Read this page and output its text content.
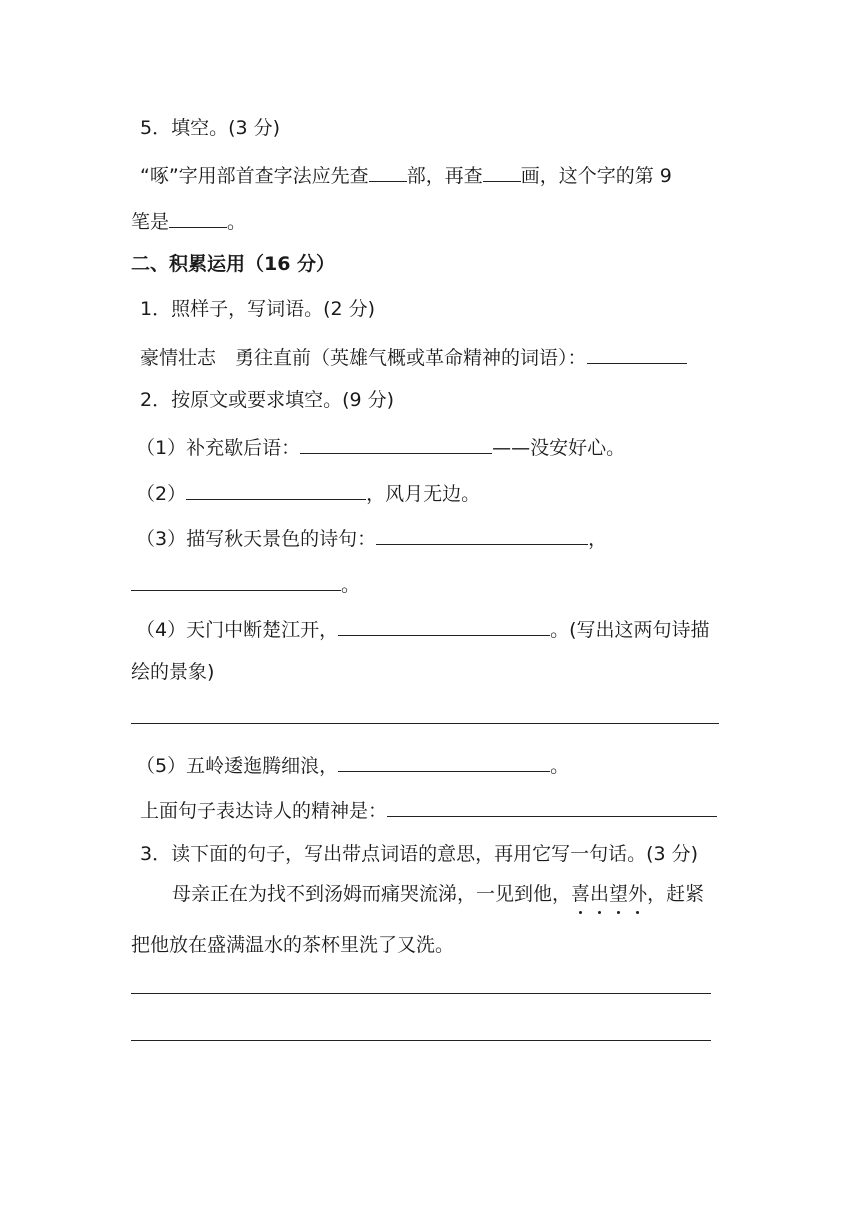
5．填空。(3 分)
“啄”字用部首查字法应先查 部，再查 画，这个字的第 9
笔是	。
二、积累运用（16 分）
1．照样子，写词语。(2 分)
豪情壮志　勇往直前（英雄气概或革命精神的词语）：
2．按原文或要求填空。(9 分)
（1）补充歇后语：	——没安好心。
（2）	，风月无边。
（3）描写秋天景色的诗句：	，
。
（4）天门中断楚江开，	。(写出这两句诗描
绘的景象)
（5）五岭逶迤腾细浪，	。
上面句子表达诗人的精神是：
3．读下面的句子，写出带点词语的意思，再用它写一句话。(3 分)
母亲正在为找不到汤姆而痛哭流涕，一见到他，喜出望外，赶紧
把他放在盛满温水的茶杯里洗了又洗。
